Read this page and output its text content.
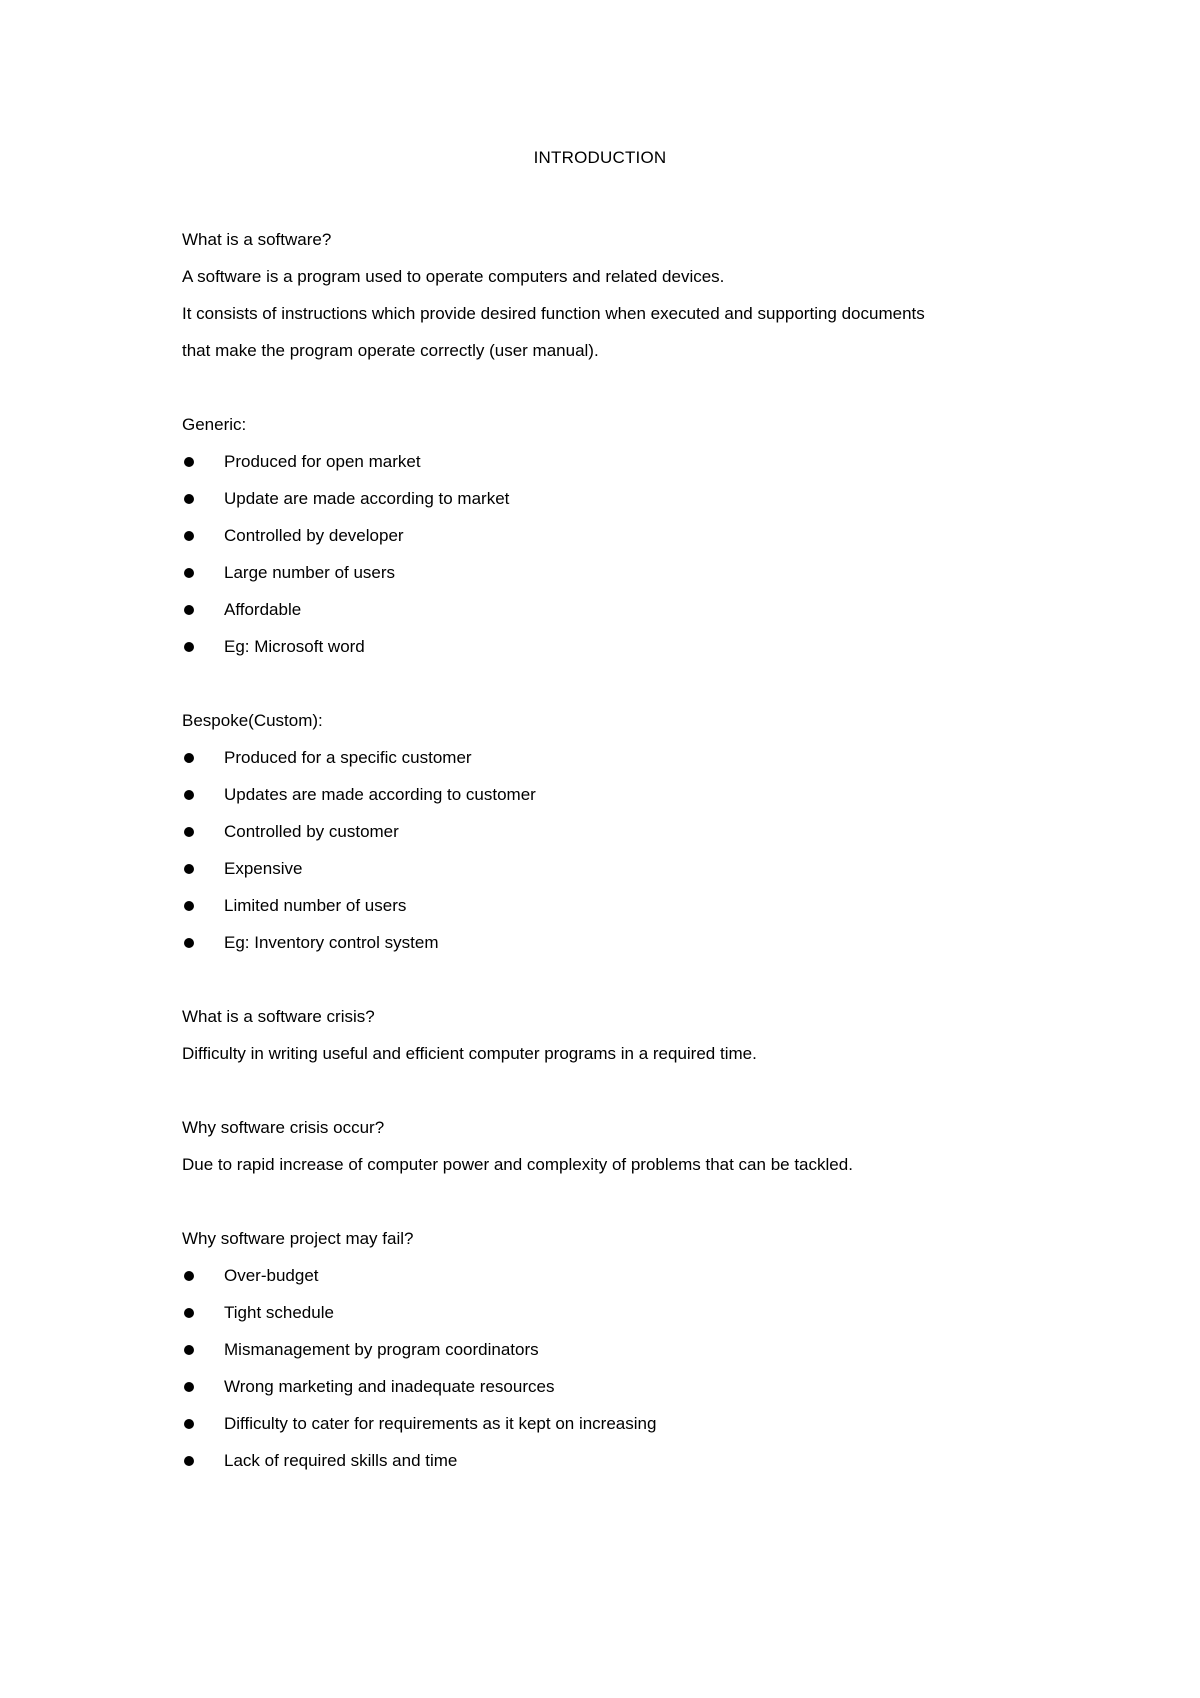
INTRODUCTION
What is a software?
A software is a program used to operate computers and related devices.
It consists of instructions which provide desired function when executed and supporting documents
that make the program operate correctly (user manual).
Generic:
Produced for open market
Update are made according to market
Controlled by developer
Large number of users
Affordable
Eg: Microsoft word
Bespoke(Custom):
Produced for a specific customer
Updates are made according to customer
Controlled by customer
Expensive
Limited number of users
Eg: Inventory control system
What is a software crisis?
Difficulty in writing useful and efficient computer programs in a required time.
Why software crisis occur?
Due to rapid increase of computer power and complexity of problems that can be tackled.
Why software project may fail?
Over-budget
Tight schedule
Mismanagement by program coordinators
Wrong marketing and inadequate resources
Difficulty to cater for requirements as it kept on increasing
Lack of required skills and time
